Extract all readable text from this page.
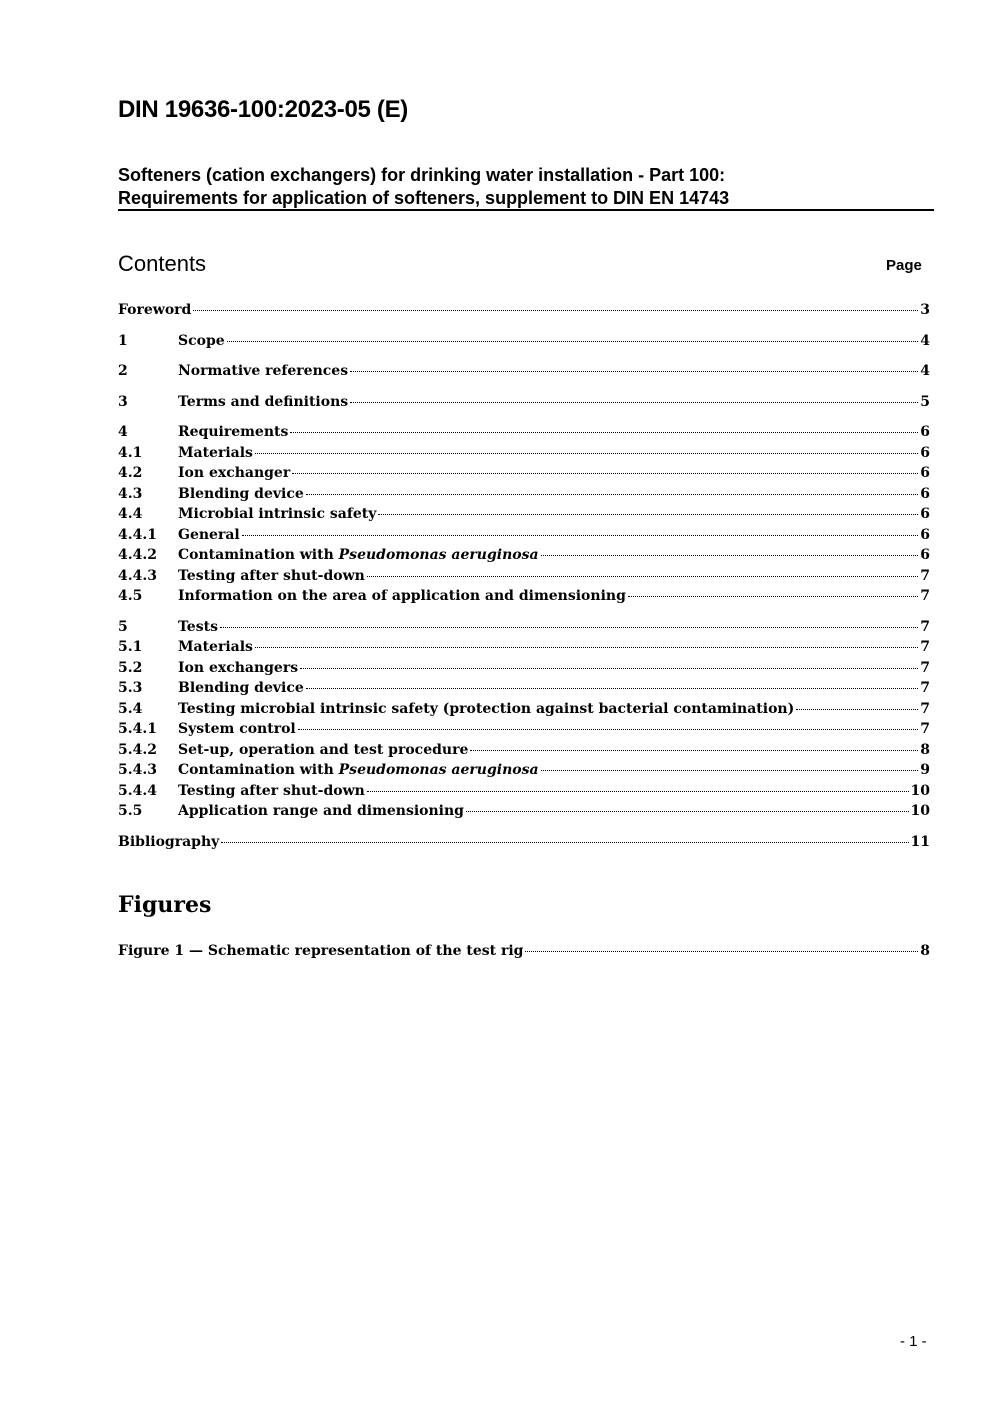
DIN 19636-100:2023-05 (E)
Softeners (cation exchangers) for drinking water installation - Part 100:
Requirements for application of softeners, supplement to DIN EN 14743
Contents	Page
Foreword	3
1	Scope	4
2	Normative references	4
3	Terms and definitions	5
4	Requirements	6
4.1	Materials	6
4.2	Ion exchanger	6
4.3	Blending device	6
4.4	Microbial intrinsic safety	6
4.4.1	General	6
4.4.2	Contamination with Pseudomonas aeruginosa	6
4.4.3	Testing after shut-down	7
4.5	Information on the area of application and dimensioning	7
5	Tests	7
5.1	Materials	7
5.2	Ion exchangers	7
5.3	Blending device	7
5.4	Testing microbial intrinsic safety (protection against bacterial contamination)	7
5.4.1	System control	7
5.4.2	Set-up, operation and test procedure	8
5.4.3	Contamination with Pseudomonas aeruginosa	9
5.4.4	Testing after shut-down	10
5.5	Application range and dimensioning	10
Bibliography	11
Figures
Figure 1 — Schematic representation of the test rig	8
- 1 -
